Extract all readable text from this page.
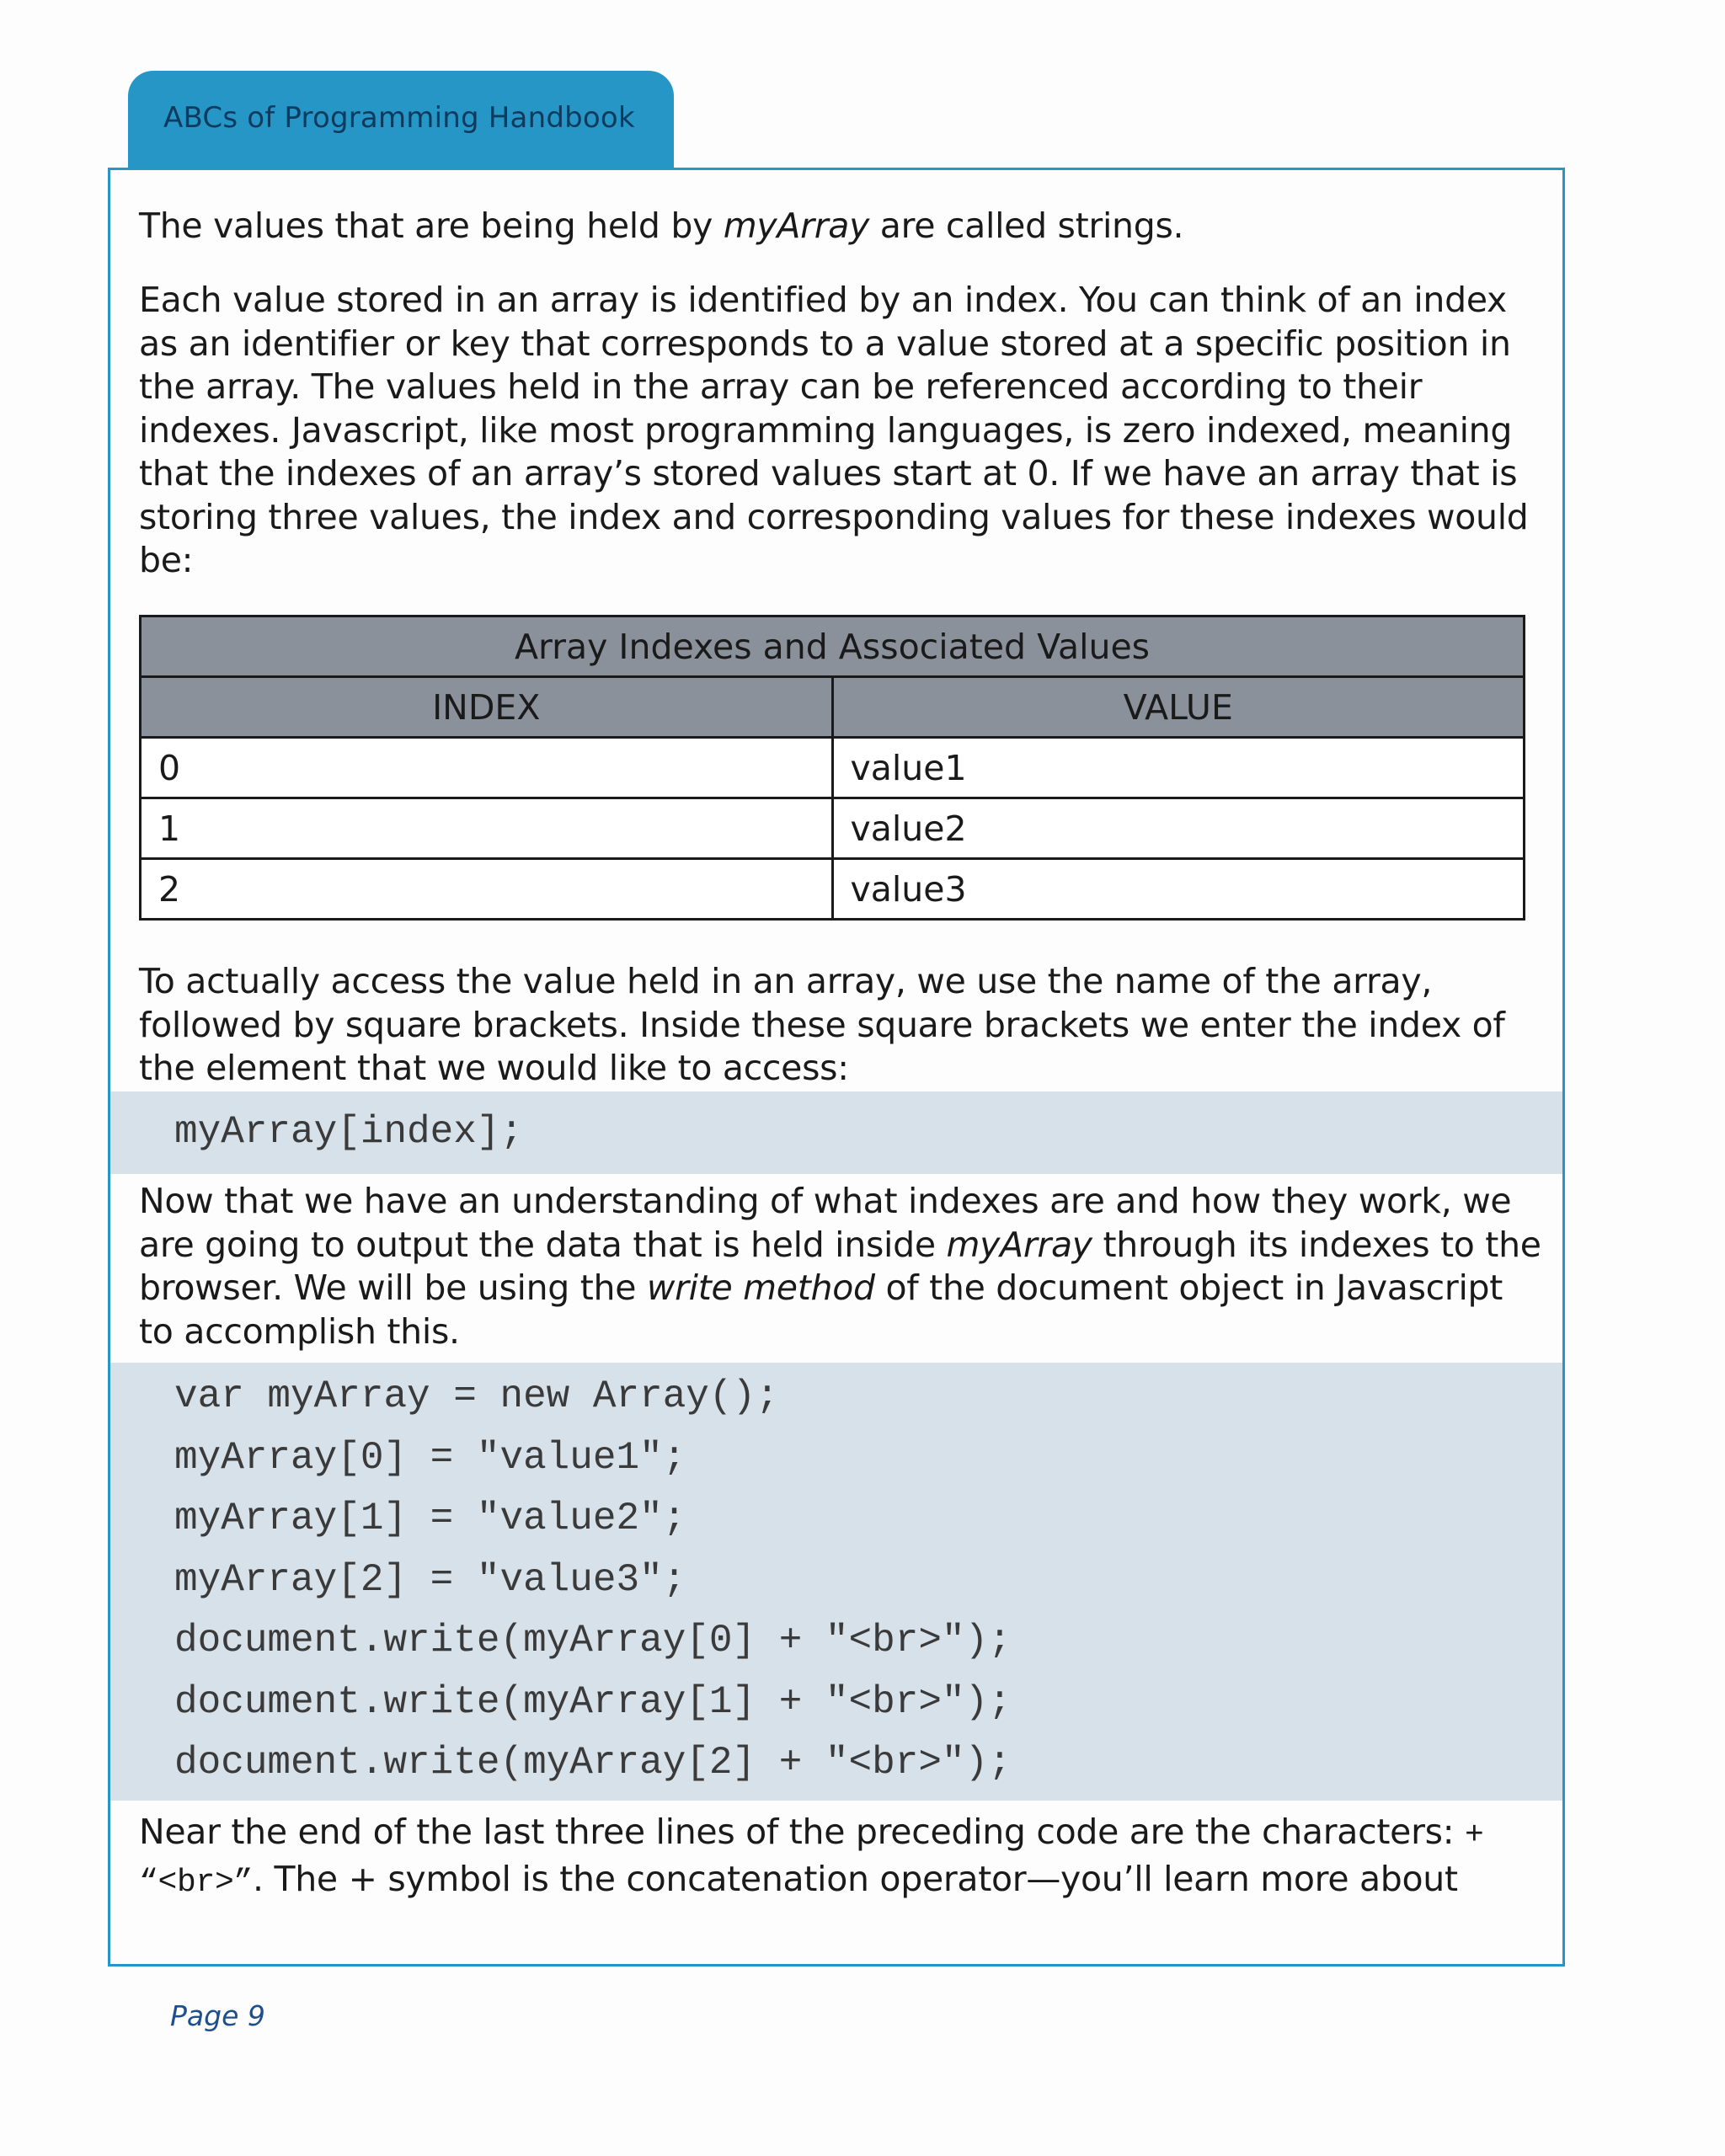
ABCs of Programming Handbook

The values that are being held by myArray are called strings.

Each value stored in an array is identified by an index. You can think of an index as an identifier or key that corresponds to a value stored at a specific position in the array. The values held in the array can be referenced according to their indexes. Javascript, like most programming languages, is zero indexed, meaning that the indexes of an array’s stored values start at 0. If we have an array that is storing three values, the index and corresponding values for these indexes would be:

Array Indexes and Associated Values	
INDEX	VALUE
0	value1
1	value2
2	value3

To actually access the value held in an array, we use the name of the array, followed by square brackets. Inside these square brackets we enter the index of the element that we would like to access:

myArray[index];

Now that we have an understanding of what indexes are and how they work, we are going to output the data that is held inside myArray through its indexes to the browser. We will be using the write method of the document object in Javascript to accomplish this.

var myArray = new Array();
myArray[0] = "value1";
myArray[1] = "value2";
myArray[2] = "value3";
document.write(myArray[0] + "<br>");
document.write(myArray[1] + "<br>");
document.write(myArray[2] + "<br>");

Near the end of the last three lines of the preceding code are the characters: + “<br>”. The + symbol is the concatenation operator—you’ll learn more about

Page 9
